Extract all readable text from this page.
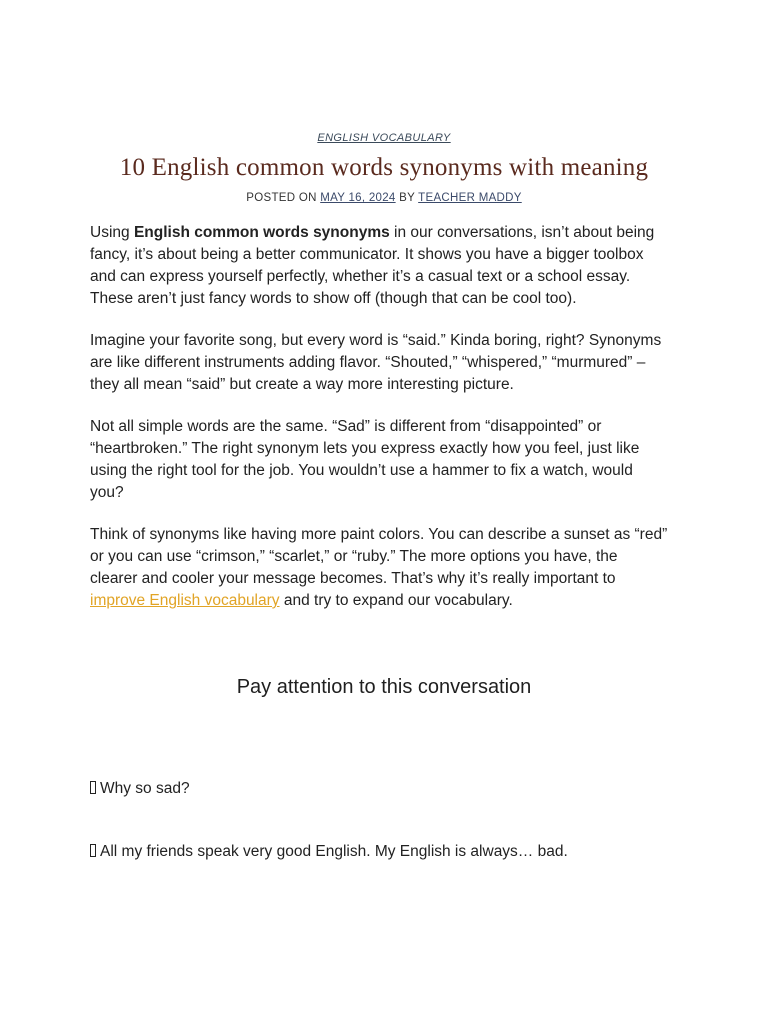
ENGLISH VOCABULARY
10 English common words synonyms with meaning
POSTED ON MAY 16, 2024 BY TEACHER MADDY

Using English common words synonyms in our conversations, isn’t about being fancy, it’s about being a better communicator. It shows you have a bigger toolbox and can express yourself perfectly, whether it’s a casual text or a school essay. These aren’t just fancy words to show off (though that can be cool too).

Imagine your favorite song, but every word is “said.” Kinda boring, right? Synonyms are like different instruments adding flavor. “Shouted,” “whispered,” “murmured” – they all mean “said” but create a way more interesting picture.

Not all simple words are the same. “Sad” is different from “disappointed” or “heartbroken.” The right synonym lets you express exactly how you feel, just like using the right tool for the job. You wouldn’t use a hammer to fix a watch, would you?

Think of synonyms like having more paint colors. You can describe a sunset as “red” or you can use “crimson,” “scarlet,” or “ruby.” The more options you have, the clearer and cooler your message becomes. That’s why it’s really important to improve English vocabulary and try to expand our vocabulary.

Pay attention to this conversation
Why so sad?
All my friends speak very good English. My English is always… bad.
